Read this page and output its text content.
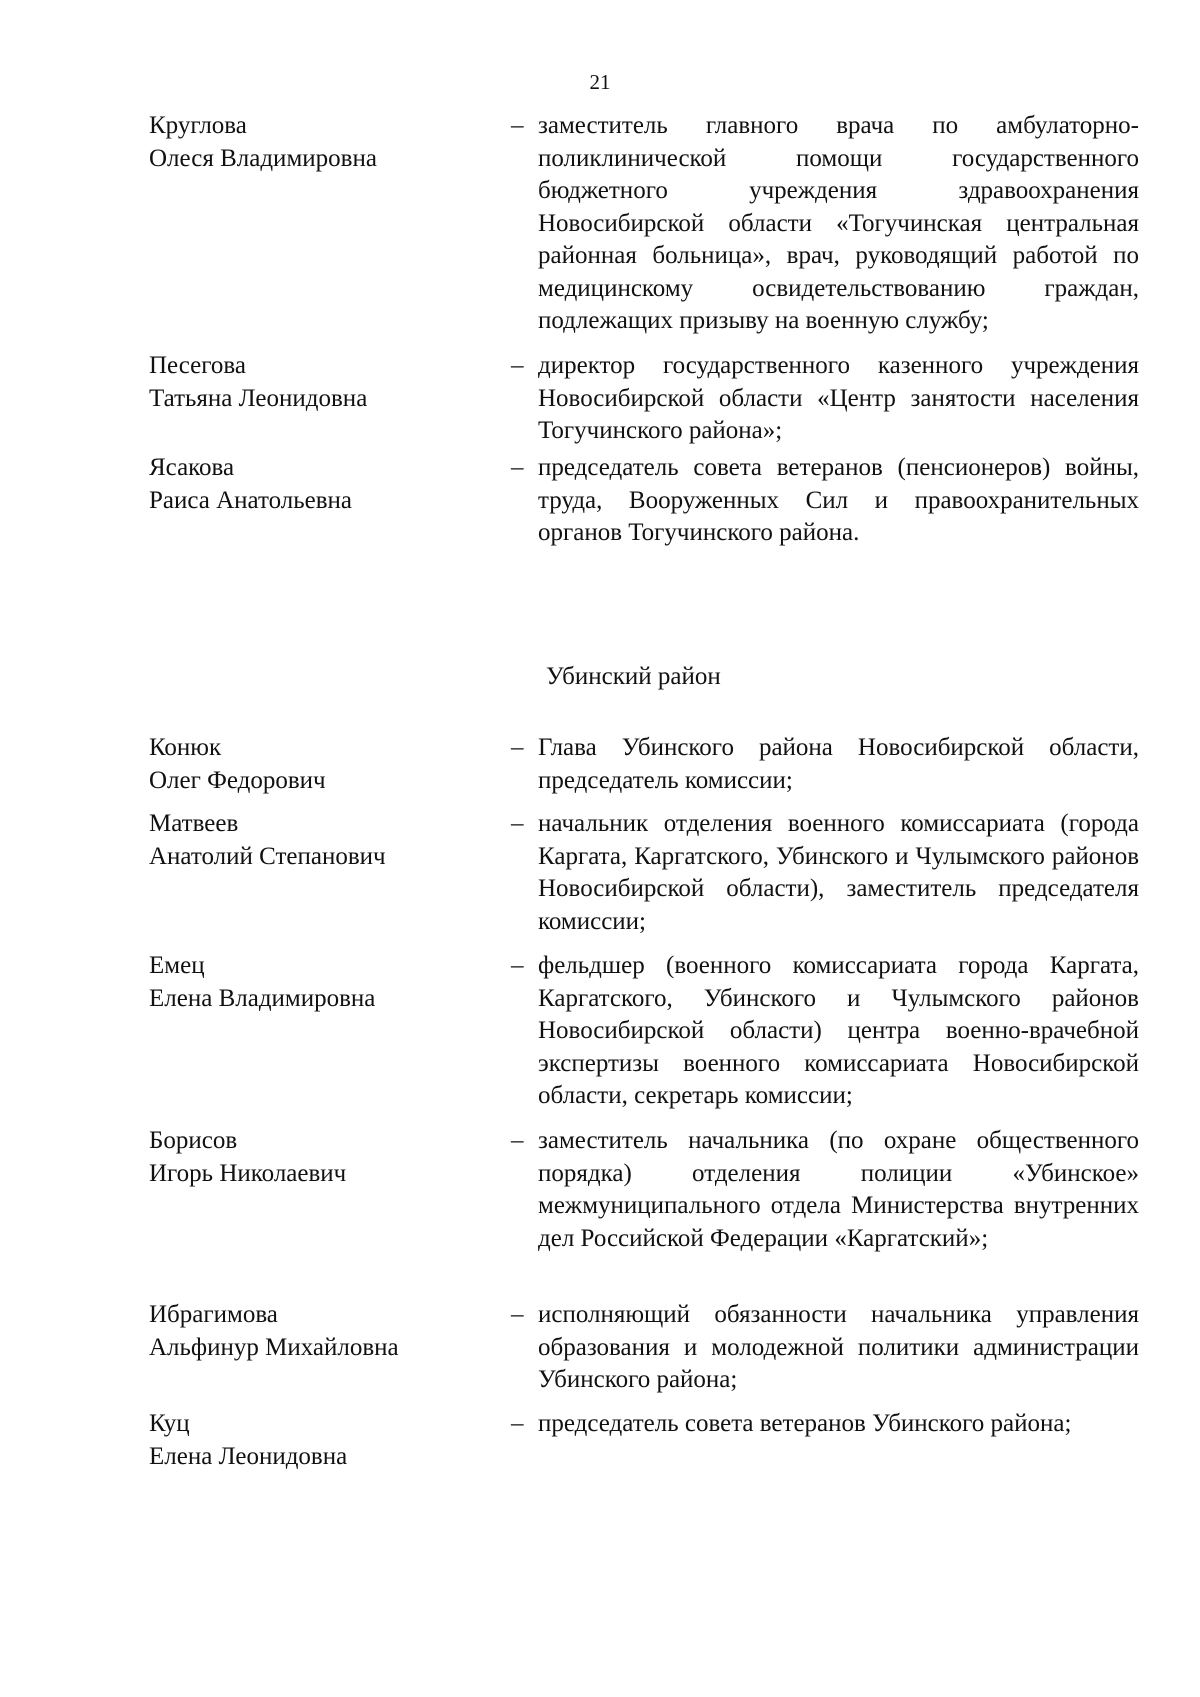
21
Круглова
Олеся Владимировна
– заместитель главного врача по амбулаторно-поликлинической помощи государственного бюджетного учреждения здравоохранения Новосибирской области «Тогучинская центральная районная больница», врач, руководящий работой по медицинскому освидетельствованию граждан, подлежащих призыву на военную службу;
Песегова
Татьяна Леонидовна
– директор государственного казенного учреждения Новосибирской области «Центр занятости населения Тогучинского района»;
Ясакова
Раиса Анатольевна
– председатель совета ветеранов (пенсионеров) войны, труда, Вооруженных Сил и правоохранительных органов Тогучинского района.
Убинский район
Конюк
Олег Федорович
– Глава Убинского района Новосибирской области, председатель комиссии;
Матвеев
Анатолий Степанович
– начальник отделения военного комиссариата (города Каргата, Каргатского, Убинского и Чулымского районов Новосибирской области), заместитель председателя комиссии;
Емец
Елена Владимировна
– фельдшер (военного комиссариата города Каргата, Каргатского, Убинского и Чулымского районов Новосибирской области) центра военно-врачебной экспертизы военного комиссариата Новосибирской области, секретарь комиссии;
Борисов
Игорь Николаевич
– заместитель начальника (по охране общественного порядка) отделения полиции «Убинское» межмуниципального отдела Министерства внутренних дел Российской Федерации «Каргатский»;
Ибрагимова
Альфинур Михайловна
– исполняющий обязанности начальника управления образования и молодежной политики администрации Убинского района;
Куц
Елена Леонидовна
– председатель совета ветеранов Убинского района;
